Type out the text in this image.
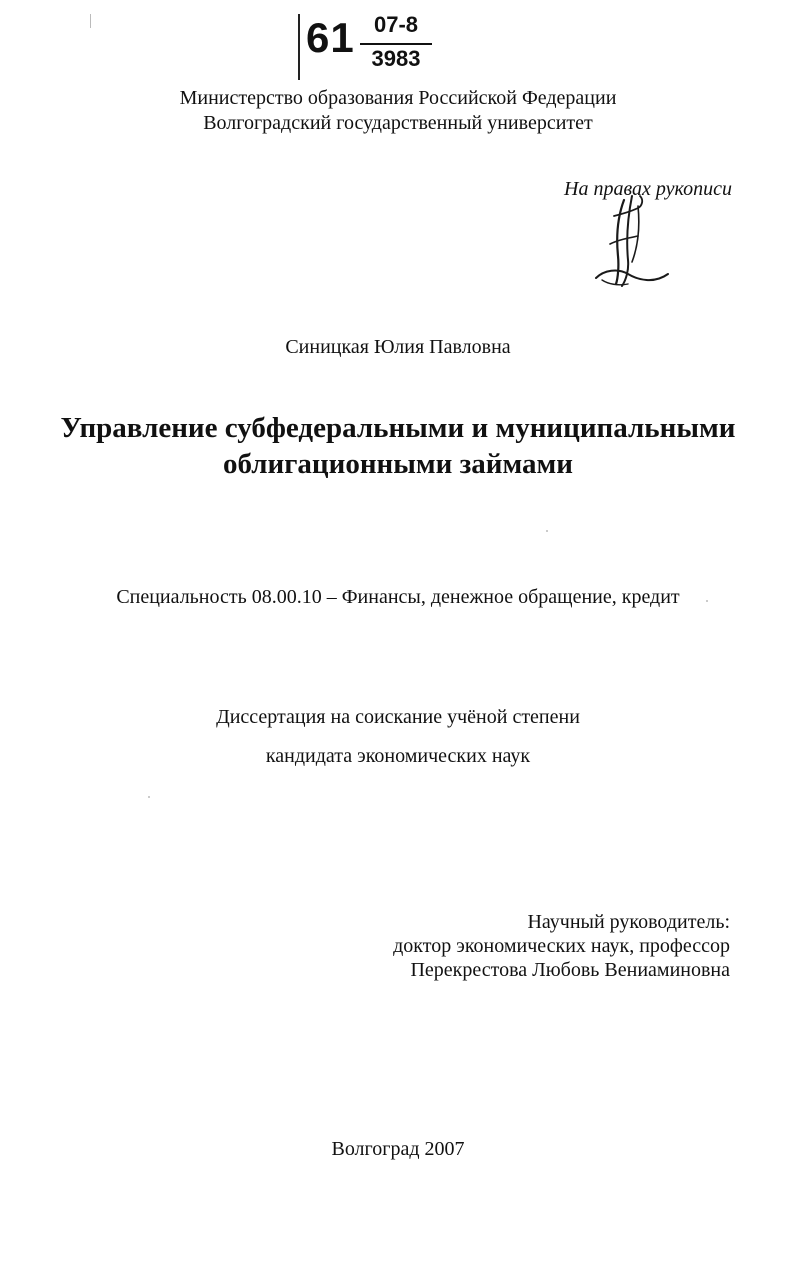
61 07-8
3983
Министерство образования Российской Федерации
Волгоградский государственный университет
На правах рукописи
Синицкая Юлия Павловна
Управление субфедеральными и муниципальными
облигационными займами
Специальность 08.00.10 – Финансы, денежное обращение, кредит
Диссертация на соискание учёной степени
кандидата экономических наук
Научный руководитель:
доктор экономических наук, профессор
Перекрестова Любовь Вениаминовна
Волгоград 2007
